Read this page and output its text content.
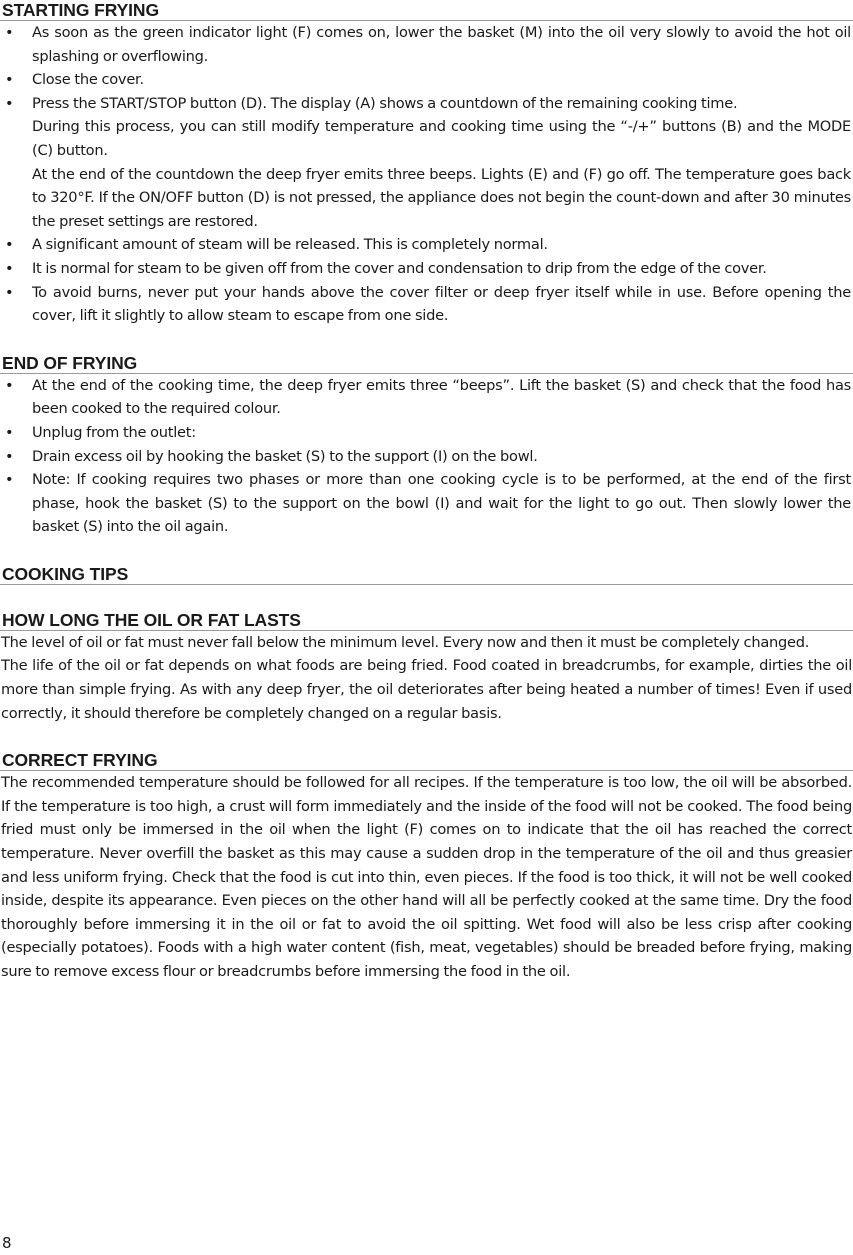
STARTING FRYING

• As soon as the green indicator light (F) comes on, lower the basket (M) into the oil very slowly to avoid the hot oil splashing or overflowing.

• Close the cover.

• Press the START/STOP button (D). The display (A) shows a countdown of the remaining cooking time.

During this process, you can still modify temperature and cooking time using the “-/+” buttons (B) and the MODE (C) button.

At the end of the countdown the deep fryer emits three beeps. Lights (E) and (F) go off. The temperature goes back to 320°F. If the ON/OFF button (D) is not pressed, the appliance does not begin the count-down and after 30 minutes the preset settings are restored.

• A significant amount of steam will be released. This is completely normal.

• It is normal for steam to be given off from the cover and condensation to drip from the edge of the cover.

• To avoid burns, never put your hands above the cover filter or deep fryer itself while in use. Before opening the cover, lift it slightly to allow steam to escape from one side.

END OF FRYING

• At the end of the cooking time, the deep fryer emits three “beeps”. Lift the basket (S) and check that the food has been cooked to the required colour.

• Unplug from the outlet:

• Drain excess oil by hooking the basket (S) to the support (I) on the bowl.

• Note: If cooking requires two phases or more than one cooking cycle is to be performed, at the end of the first phase, hook the basket (S) to the support on the bowl (I) and wait for the light to go out. Then slowly lower the basket (S) into the oil again.

COOKING TIPS
HOW LONG THE OIL OR FAT LASTS

The level of oil or fat must never fall below the minimum level. Every now and then it must be completely changed.

The life of the oil or fat depends on what foods are being fried. Food coated in breadcrumbs, for example, dirties the oil more than simple frying. As with any deep fryer, the oil deteriorates after being heated a number of times! Even if used correctly, it should therefore be completely changed on a regular basis.

CORRECT FRYING

The recommended temperature should be followed for all recipes. If the temperature is too low, the oil will be absorbed. If the temperature is too high, a crust will form immediately and the inside of the food will not be cooked. The food being fried must only be immersed in the oil when the light (F) comes on to indicate that the oil has reached the correct temperature. Never overfill the basket as this may cause a sudden drop in the temperature of the oil and thus greasier and less uniform frying. Check that the food is cut into thin, even pieces. If the food is too thick, it will not be well cooked inside, despite its appearance. Even pieces on the other hand will all be perfectly cooked at the same time. Dry the food thoroughly before immersing it in the oil or fat to avoid the oil spitting. Wet food will also be less crisp after cooking (especially potatoes). Foods with a high water content (fish, meat, vegetables) should be breaded before frying, making sure to remove excess flour or breadcrumbs before immersing the food in the oil.

8
